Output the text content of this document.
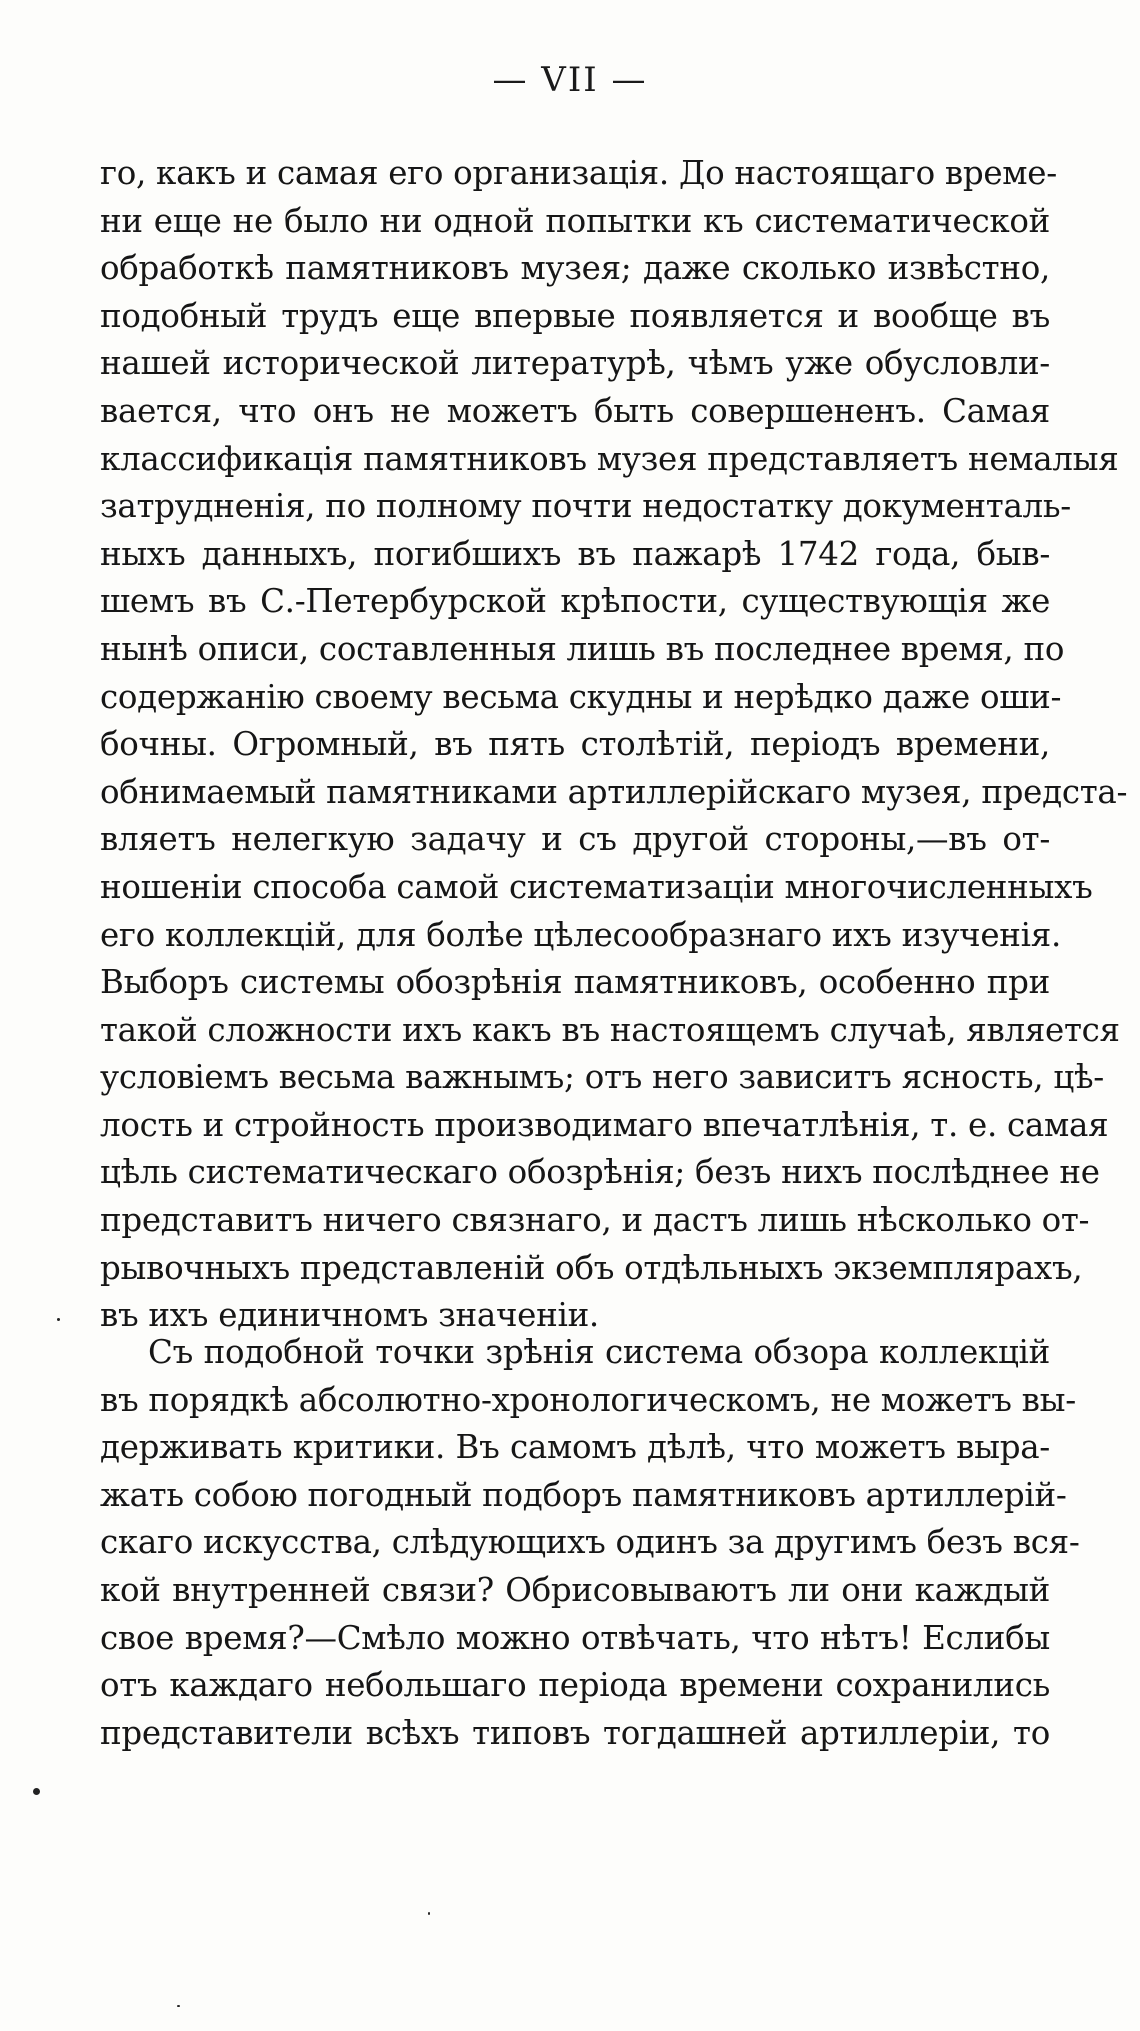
— VII —
го, какъ и самая его организація. До настоящаго време-
ни еще не было ни одной попытки къ систематической
обработкѣ памятниковъ музея; даже сколько извѣстно,
подобный трудъ еще впервые появляется и вообще въ
нашей исторической литературѣ, чѣмъ уже обусловли-
вается, что онъ не можетъ быть совершененъ. Самая
классификація памятниковъ музея представляетъ немалыя
затрудненія, по полному почти недостатку документаль-
ныхъ данныхъ, погибшихъ въ пажарѣ 1742 года, быв-
шемъ въ С.-Петербурской крѣпости, существующія же
нынѣ описи, составленныя лишь въ последнее время, по
содержанію своему весьма скудны и нерѣдко даже оши-
бочны. Огромный, въ пять столѣтій, періодъ времени,
обнимаемый памятниками артиллерійскаго музея, предста-
вляетъ нелегкую задачу и съ другой стороны,—въ от-
ношеніи способа самой систематизаціи многочисленныхъ
его коллекцій, для болѣе цѣлесообразнаго ихъ изученія.
Выборъ системы обозрѣнія памятниковъ, особенно при
такой сложности ихъ какъ въ настоящемъ случаѣ, является
условіемъ весьма важнымъ; отъ него зависитъ ясность, цѣ-
лость и стройность производимаго впечатлѣнія, т. е. самая
цѣль систематическаго обозрѣнія; безъ нихъ послѣднее не
представитъ ничего связнаго, и дастъ лишь нѣсколько от-
рывочныхъ представленій объ отдѣльныхъ экземплярахъ,
въ ихъ единичномъ значеніи.
Съ подобной точки зрѣнія система обзора коллекцій
въ порядкѣ абсолютно-хронологическомъ, не можетъ вы-
держивать критики. Въ самомъ дѣлѣ, что можетъ выра-
жать собою погодный подборъ памятниковъ артиллерій-
скаго искусства, слѣдующихъ одинъ за другимъ безъ вся-
кой внутренней связи? Обрисовываютъ ли они каждый
свое время?—Смѣло можно отвѣчать, что нѣтъ! Еслибы
отъ каждаго небольшаго періода времени сохранились
представители всѣхъ типовъ тогдашней артиллеріи, то
